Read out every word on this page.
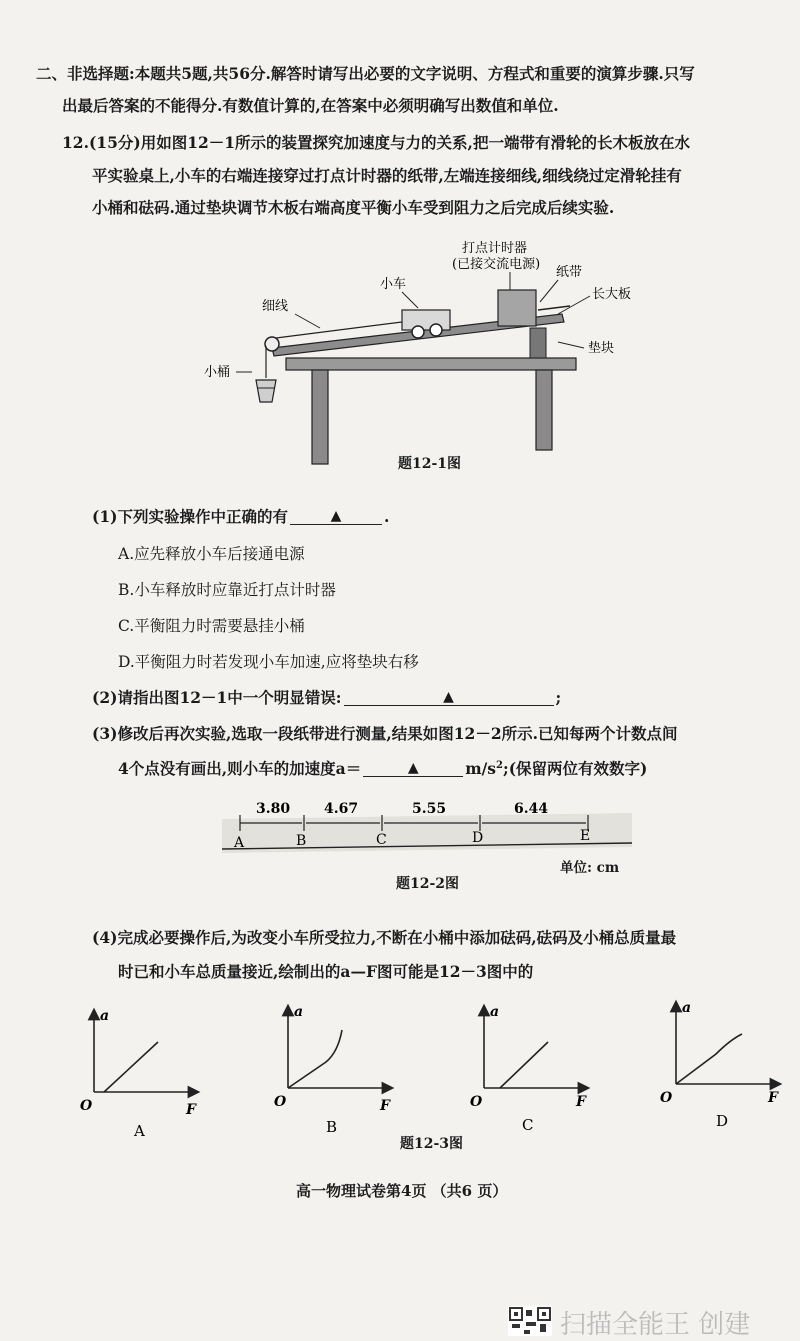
二、非选择题:本题共5题,共56分.解答时请写出必要的文字说明、方程式和重要的演算步骤.只写
出最后答案的不能得分.有数值计算的,在答案中必须明确写出数值和单位.
12.(15分)用如图12－1所示的装置探究加速度与力的关系,把一端带有滑轮的长木板放在水
平实验桌上,小车的右端连接穿过打点计时器的纸带,左端连接细线,细线绕过定滑轮挂有
小桶和砝码.通过垫块调节木板右端高度平衡小车受到阻力之后完成后续实验.
打点计时器
(已接交流电源)
小车
纸带
长大板
细线
垫块
小桶
题12-1图
(1)下列实验操作中正确的有	▲	.
A.应先释放小车后接通电源
B.小车释放时应靠近打点计时器
C.平衡阻力时需要悬挂小桶
D.平衡阻力时若发现小车加速,应将垫块右移
(2)请指出图12－1中一个明显错误:	▲	;
(3)修改后再次实验,选取一段纸带进行测量,结果如图12－2所示.已知每两个计数点间
4个点没有画出,则小车的加速度a＝	▲	$m/s^2$;(保留两位有效数字)
3.80 4.67	5.55	6.44
A	B	C	D	E
单位: cm
题12-2图
(4)完成必要操作后,为改变小车所受拉力,不断在小桶中添加砝码,砝码及小桶总质量最
时已和小车总质量接近,绘制出的a—F图可能是12－3图中的
a
F
O
a
F
O
a
F
O
a
F
O
A	B	C	D
题12-3图
高一物理试卷第4页 （共6 页）
扫描全能王 创建
